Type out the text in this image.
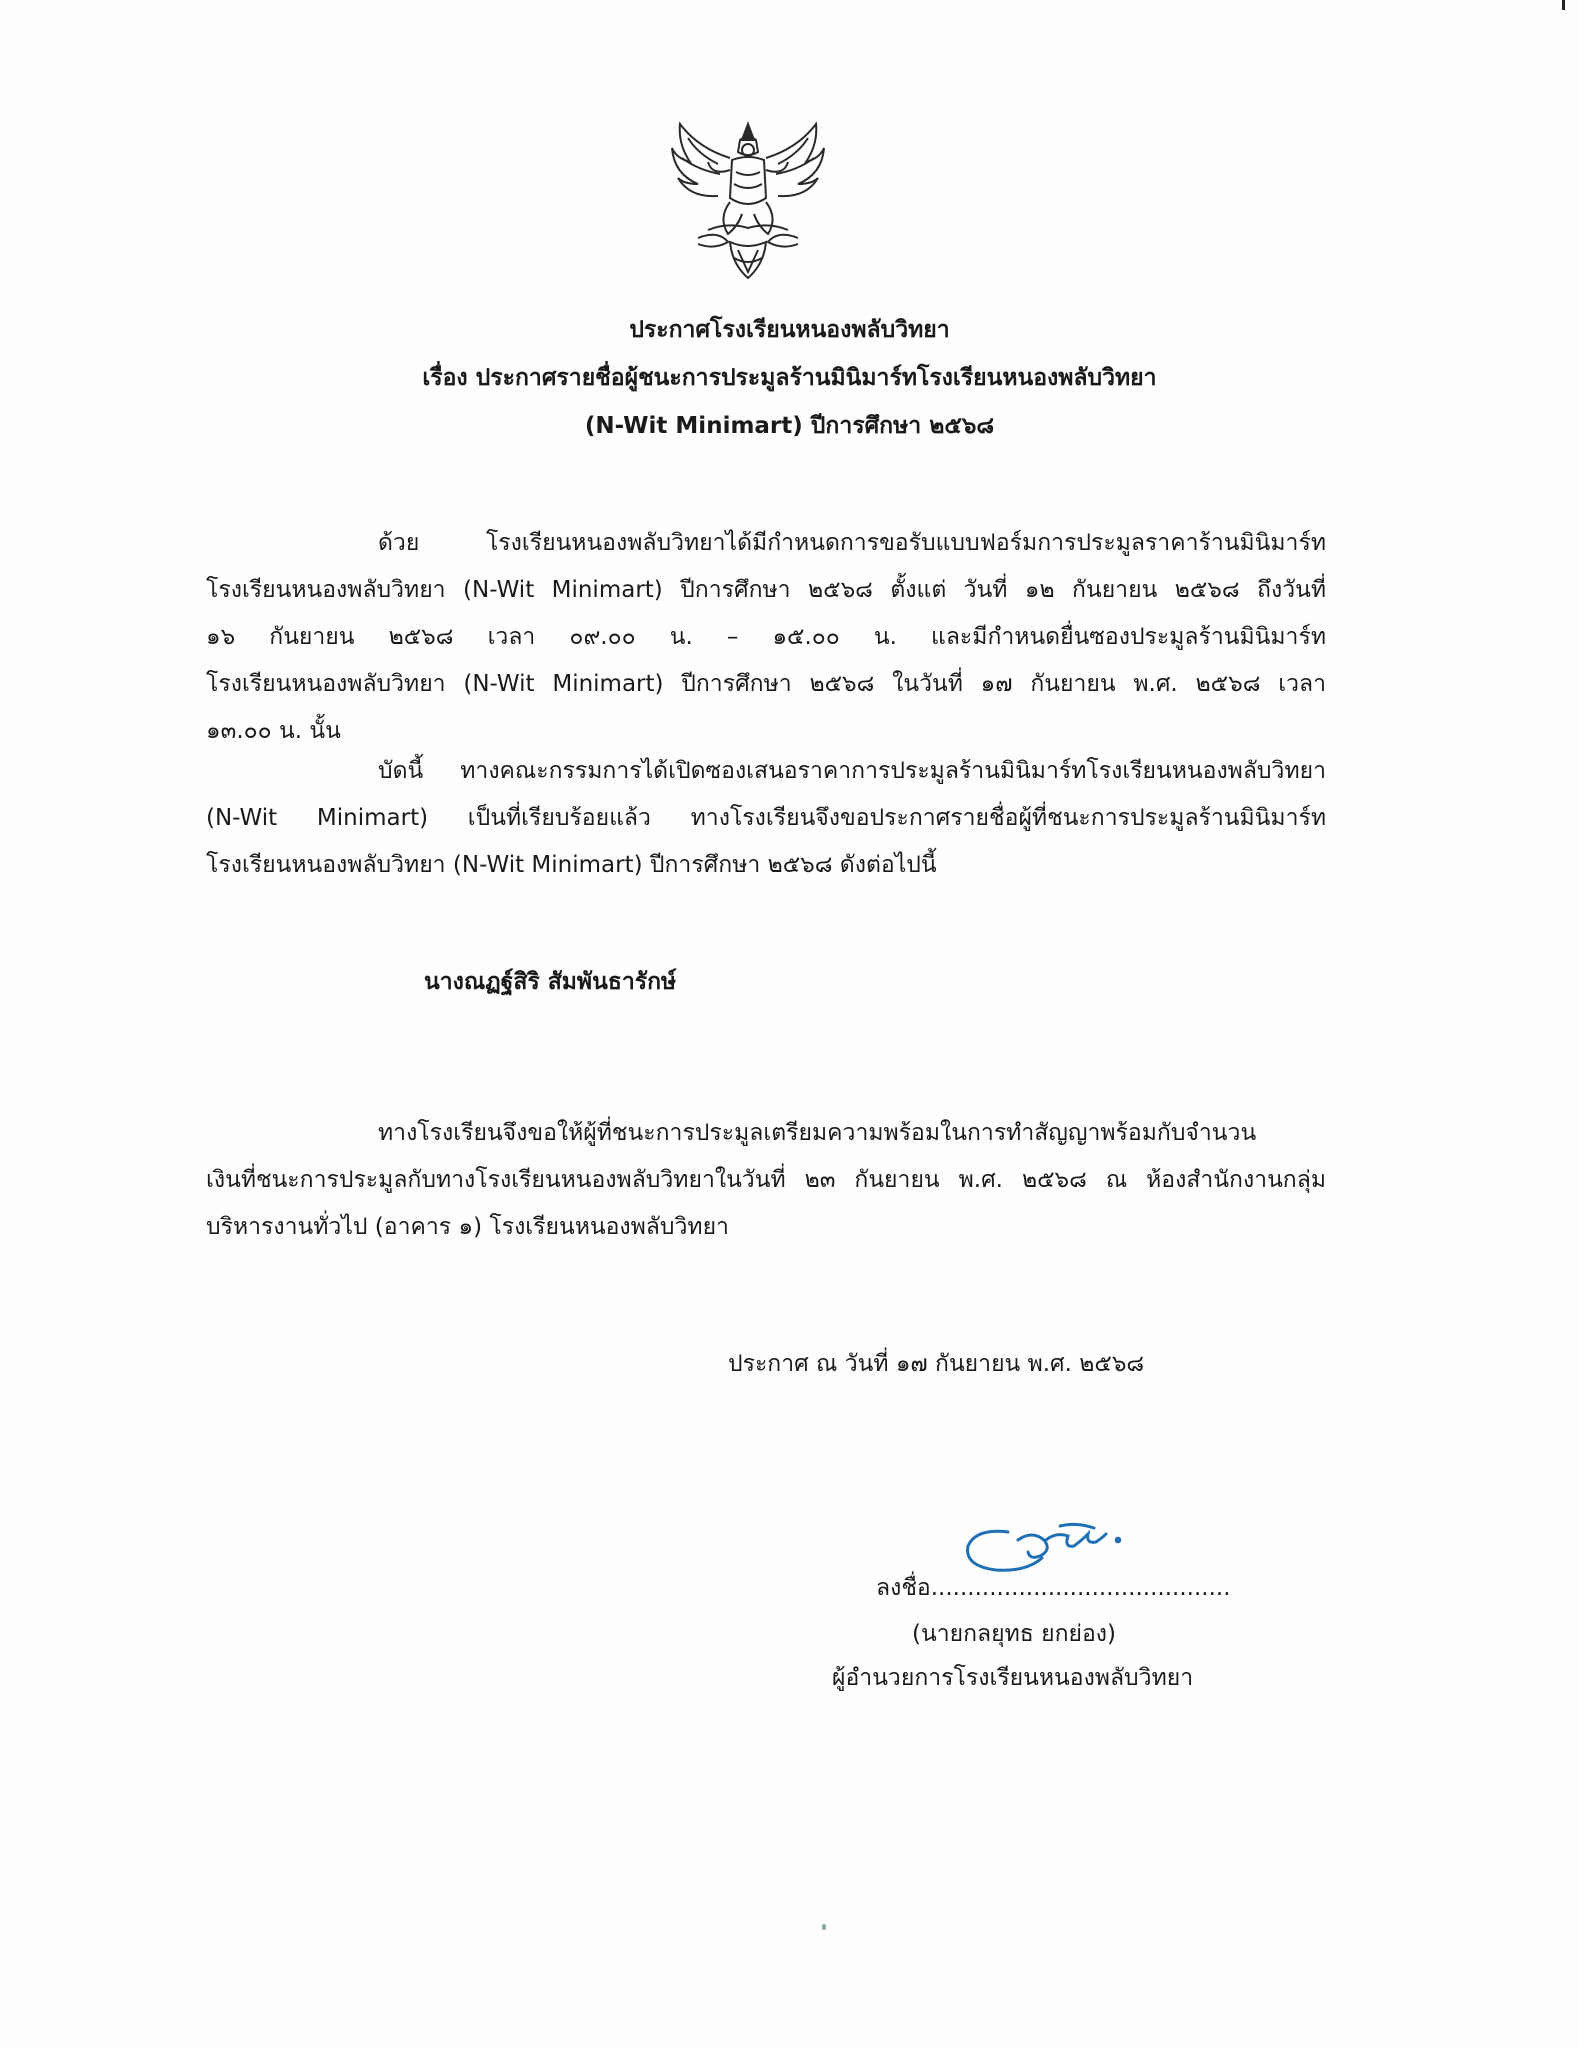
ประกาศโรงเรียนหนองพลับวิทยา
เรื่อง ประกาศรายชื่อผู้ชนะการประมูลร้านมินิมาร์ทโรงเรียนหนองพลับวิทยา
(N-Wit Minimart) ปีการศึกษา ๒๕๖๘
ด้วย โรงเรียนหนองพลับวิทยาได้มีกำหนดการขอรับแบบฟอร์มการประมูลราคาร้านมินิมาร์ท
โรงเรียนหนองพลับวิทยา (N-Wit Minimart) ปีการศึกษา ๒๕๖๘ ตั้งแต่ วันที่ ๑๒ กันยายน ๒๕๖๘ ถึงวันที่
๑๖ กันยายน ๒๕๖๘ เวลา ๐๙.๐๐ น. – ๑๕.๐๐ น. และมีกำหนดยื่นซองประมูลร้านมินิมาร์ท
โรงเรียนหนองพลับวิทยา (N-Wit Minimart) ปีการศึกษา ๒๕๖๘ ในวันที่ ๑๗ กันยายน พ.ศ. ๒๕๖๘ เวลา
๑๓.๐๐ น. นั้น
บัดนี้ ทางคณะกรรมการได้เปิดซองเสนอราคาการประมูลร้านมินิมาร์ทโรงเรียนหนองพลับวิทยา
(N-Wit Minimart) เป็นที่เรียบร้อยแล้ว ทางโรงเรียนจึงขอประกาศรายชื่อผู้ที่ชนะการประมูลร้านมินิมาร์ท
โรงเรียนหนองพลับวิทยา (N-Wit Minimart) ปีการศึกษา ๒๕๖๘ ดังต่อไปนี้
นางณฏฐ์สิริ สัมพันธารักษ์
ทางโรงเรียนจึงขอให้ผู้ที่ชนะการประมูลเตรียมความพร้อมในการทำสัญญาพร้อมกับจำนวน
เงินที่ชนะการประมูลกับทางโรงเรียนหนองพลับวิทยาในวันที่ ๒๓ กันยายน พ.ศ. ๒๕๖๘ ณ ห้องสำนักงานกลุ่ม
บริหารงานทั่วไป (อาคาร ๑) โรงเรียนหนองพลับวิทยา
ประกาศ ณ วันที่ ๑๗ กันยายน พ.ศ. ๒๕๖๘
ลงชื่อ.........................................
(นายกลยุทธ ยกย่อง)
ผู้อำนวยการโรงเรียนหนองพลับวิทยา
